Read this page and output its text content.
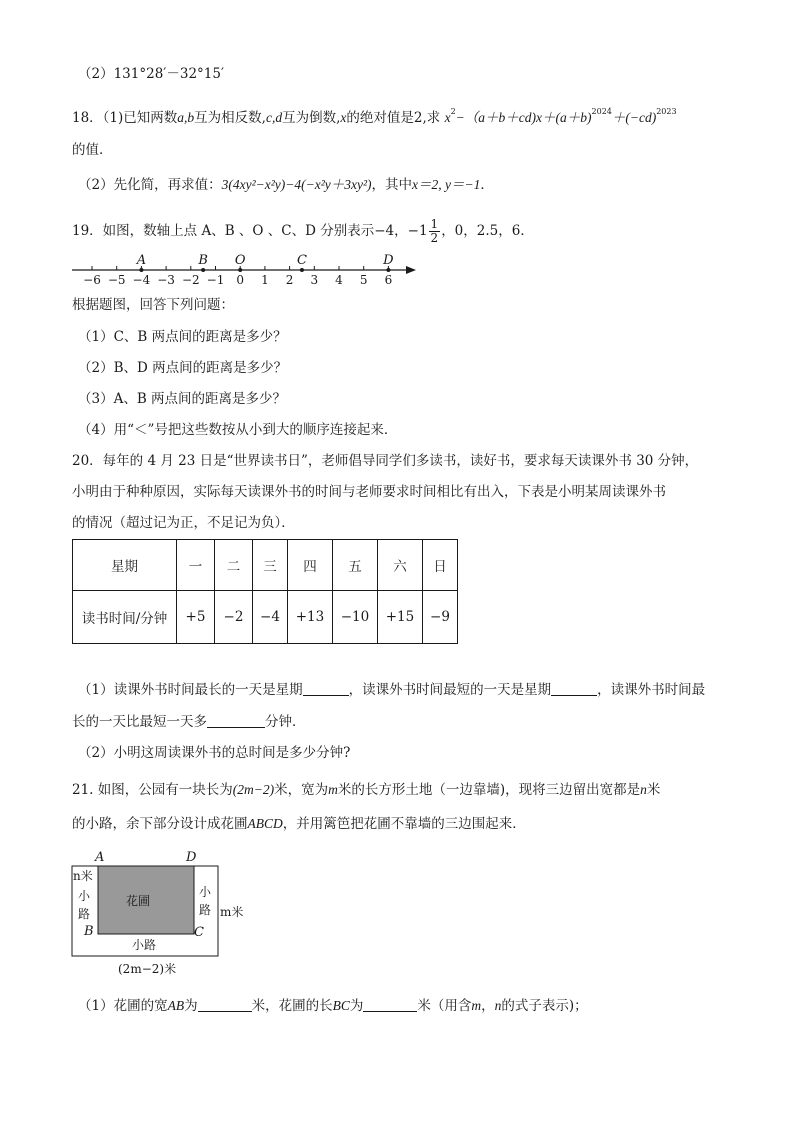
（2）131°28′－32°15′
18．（1)已知两数a,b互为相反数,c,d互为倒数,x的绝对值是2,求 $x^2-(a+b+cd)x+(a+b)^{2024}+(-cd)^{2023}$
的值．
（2）先化简，再求值：3(4xy²−x²y)−4(−x²y＋3xy²)，其中x＝2, y＝−1．
19．如图，数轴上点 A、B 、O 、C、D 分别表示−4，$-1 \frac{1}{2}$ ，0，2.5，6．
−6 −5 −4 −3 −2 −1 0 1 2 3 4 5 6
A	B O	C	D
根据题图，回答下列问题：
（1）C、B 两点间的距离是多少？
（2）B、D 两点间的距离是多少？
（3）A、B 两点间的距离是多少？
（4）用“＜”号把这些数按从小到大的顺序连接起来．
20．每年的 4 月 23 日是“世界读书日”，老师倡导同学们多读书，读好书，要求每天读课外书 30 分钟，
小明由于种种原因，实际每天读课外书的时间与老师要求时间相比有出入，下表是小明某周读课外书
的情况（超过记为正，不足记为负）．
星期	一	二	三	四	五	六	日
读书时间/分钟	+5	−2	−4	+13	−10	+15	−9
（1）读课外书时间最长的一天是星期	，读课外书时间最短的一天是星期	，读课外书时间最
长的一天比最短一天多	分钟．
（2）小明这周读课外书的总时间是多少分钟?
21. 如图，公园有一块长为(2m−2)米，宽为m米的长方形土地（一边靠墙)，现将三边留出宽都是n米
的小路，余下部分设计成花圃ABCD，并用篱笆把花圃不靠墙的三边围起来．
花圃
A	D
B	C
n米
小
路
小
路 m米
小路
(2m−2)米
（1）花圃的宽AB为	米，花圃的长BC为	米（用含m，n的式子表示)；
